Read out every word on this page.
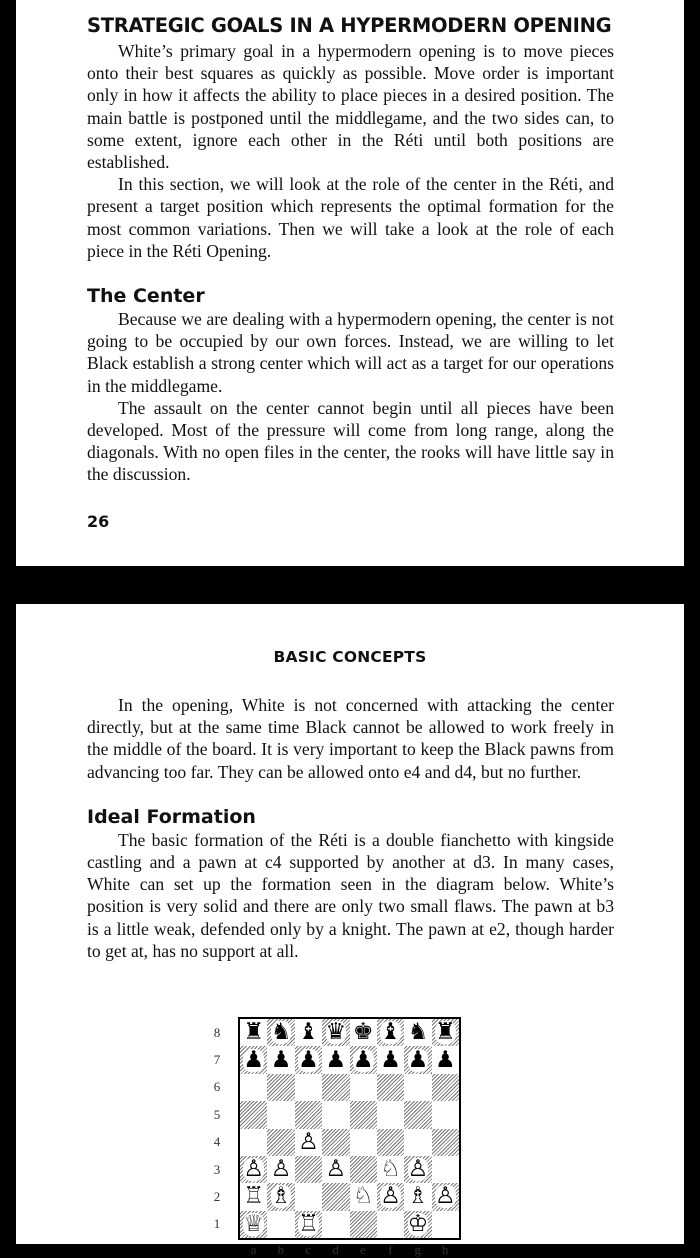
STRATEGIC GOALS IN A HYPERMODERN OPENING

White’s primary goal in a hypermodern opening is to move pieces onto their best squares as quickly as possible. Move order is important only in how it affects the ability to place pieces in a desired position. The main battle is postponed until the middlegame, and the two sides can, to some extent, ignore each other in the Réti until both positions are established.

In this section, we will look at the role of the center in the Réti, and present a target position which represents the optimal formation for the most common variations. Then we will take a look at the role of each piece in the Réti Opening.

The Center

Because we are dealing with a hypermodern opening, the center is not going to be occupied by our own forces. Instead, we are willing to let Black establish a strong center which will act as a target for our operations in the middlegame.

The assault on the center cannot begin until all pieces have been developed. Most of the pressure will come from long range, along the diagonals. With no open files in the center, the rooks will have little say in the discussion.

26
BASIC CONCEPTS

In the opening, White is not concerned with attacking the center directly, but at the same time Black cannot be allowed to work freely in the middle of the board. It is very important to keep the Black pawns from advancing too far. They can be allowed onto e4 and d4, but no further.

Ideal Formation

The basic formation of the Réti is a double fianchetto with kingside castling and a pawn at c4 supported by another at d3. In many cases, White can set up the formation seen in the diagram below. White’s position is very solid and there are only two small flaws. The pawn at b3 is a little weak, defended only by a knight. The pawn at e2, though harder to get at, has no support at all.

8
7
6
5
4
3
2
1
♜ ♞ ♝ ♛ ♚ ♝ ♞ ♜
♟ ♟ ♟ ♟ ♟ ♟ ♟ ♟
♙
♙ ♙ ♙ ♘ ♙
♖ ♗	♘ ♙ ♗ ♙
♕ ♖	♔
a	b	c	d	e	f	g	h
